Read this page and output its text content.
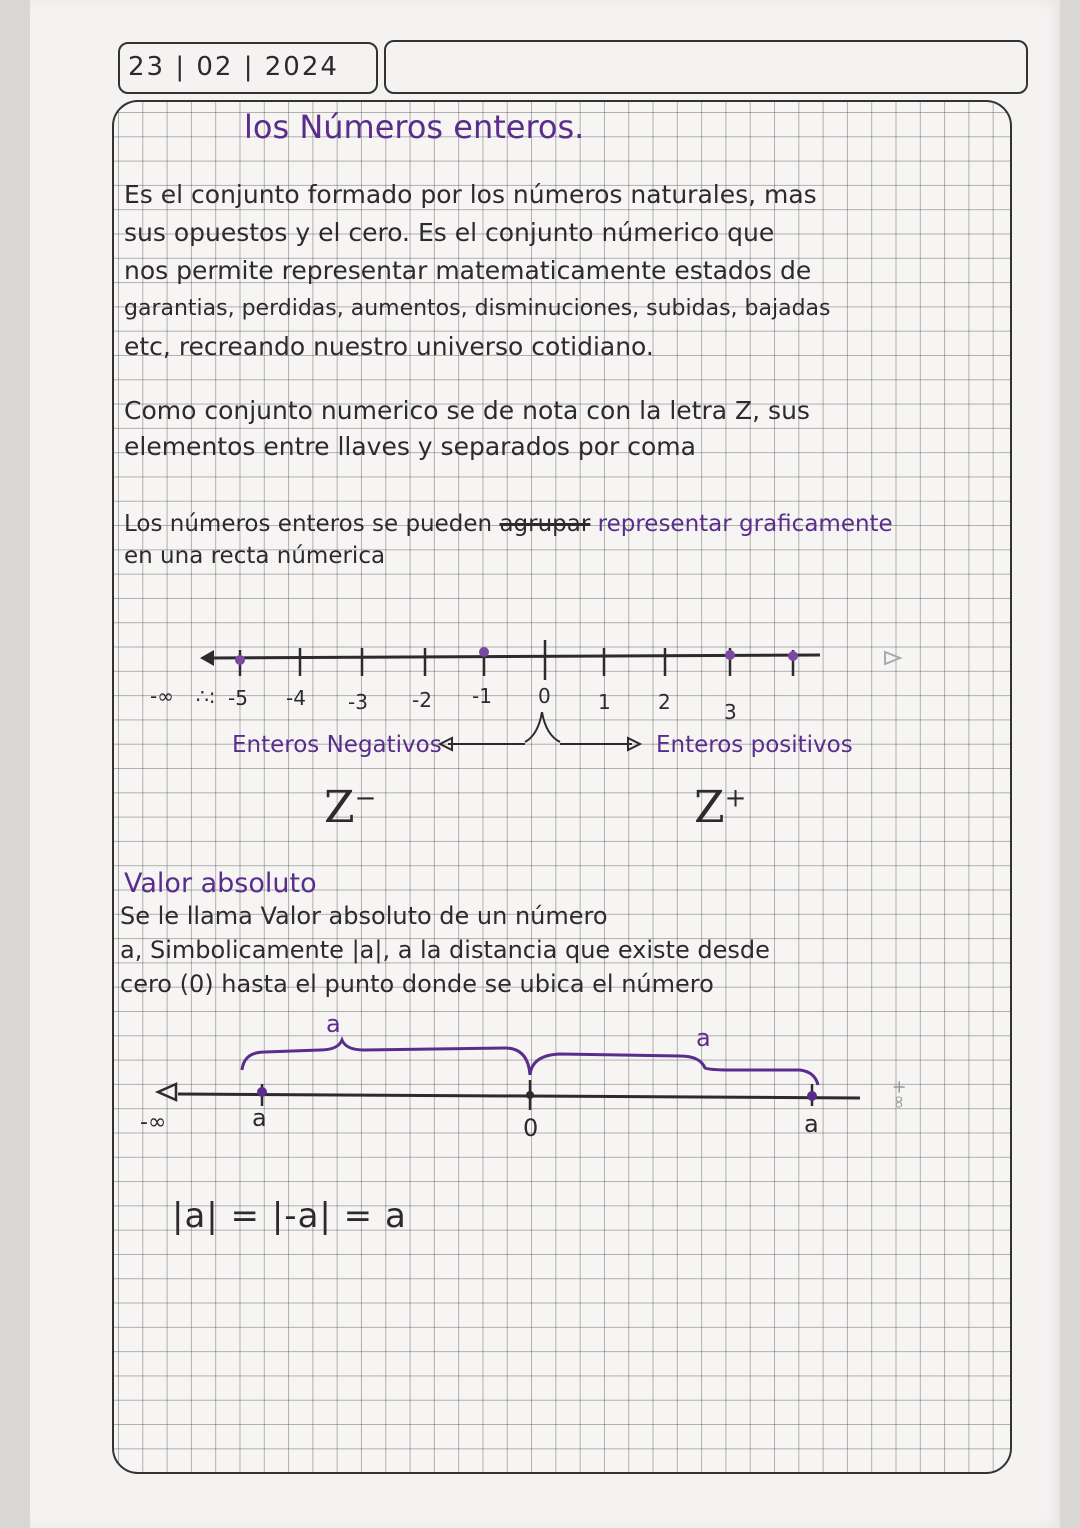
23 | 02 | 2024
los Números enteros.
Es el conjunto formado por los números naturales, mas
sus opuestos y el cero. Es el conjunto númerico que
nos permite representar matematicamente estados de
garantias, perdidas, aumentos, disminuciones, subidas, bajadas
etc, recreando nuestro universo cotidiano.
Como conjunto numerico se de nota con la letra Z, sus
elementos entre llaves y separados por coma
Los números enteros se pueden agrupar representar graficamente
en una recta númerica
-∞ ∴: -5 -4 -3 -2 -1 0 1 2	3
Enteros Negativos	Enteros positivos
Z−	Z+
Valor absoluto
Se le llama Valor absoluto de un número
a, Simbolicamente |a|, a la distancia que existe desde
cero (0) hasta el punto donde se ubica el número
a	a
-∞	a	0	a
+∞
|a| = |-a| = a
